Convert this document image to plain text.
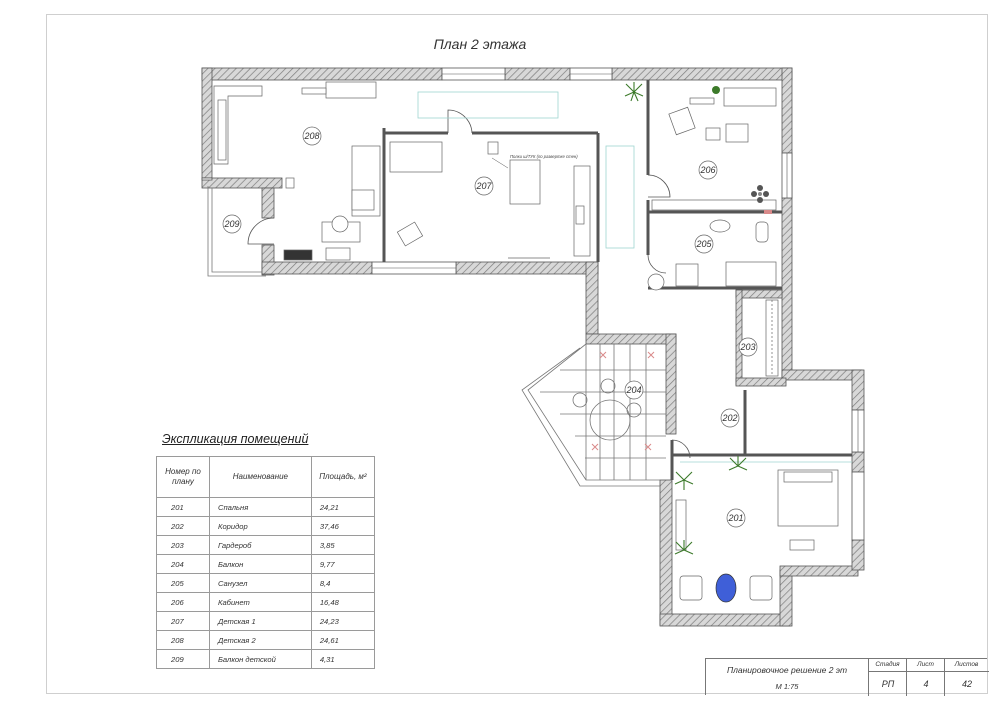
План 2 этажа
Полки ш/ТУК (по развертке стен)
208
207
206
205
203
204
202
201
209
Экспликация помещений
Номер по плану	Наименование	Площадь, м²
201	Спальня	24,21
202	Коридор	37,46
203	Гардероб	3,85
204	Балкон	9,77
205	Санузел	8,4
206	Кабинет	16,48
207	Детская 1	24,23
208	Детская 2	24,61
209	Балкон детской	4,31
Планировочное решение 2 эт
М 1:75
Стадия
РП
Лист
4
Листов
42
